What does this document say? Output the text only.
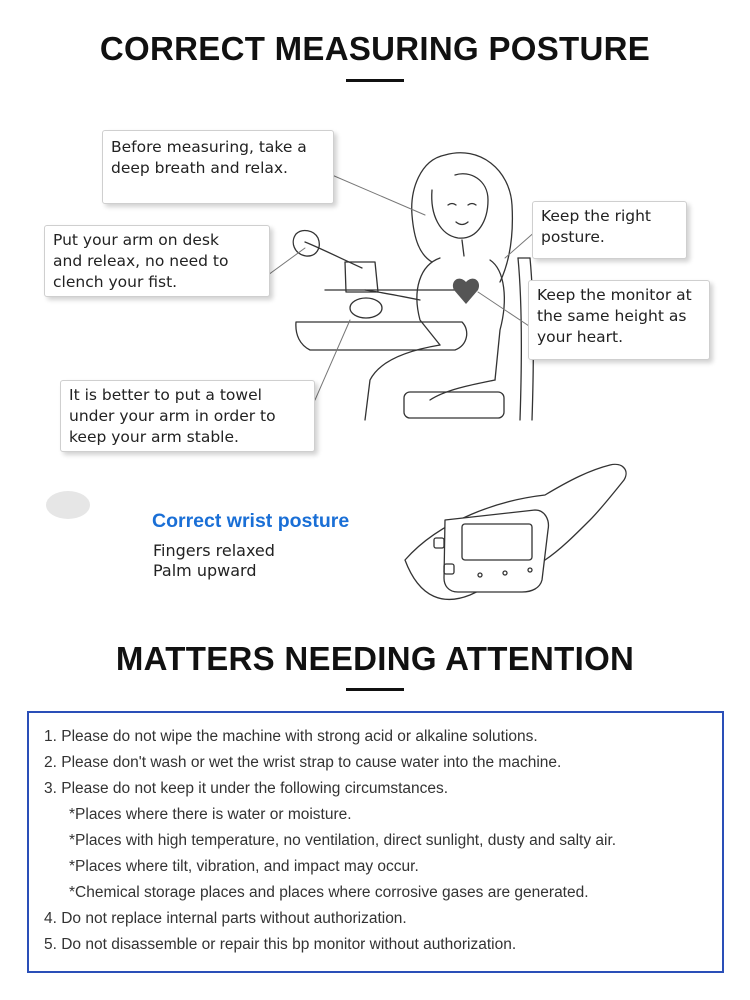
CORRECT MEASURING POSTURE
Before measuring, take a
deep breath and relax.
Put your arm on desk
and releax, no need to
clench your fist.
Keep the right
posture.
Keep the monitor at
the same height as
your heart.
It is better to put a towel
under your arm in order to
keep your arm stable.
Correct wrist posture
Fingers relaxed
Palm upward
MATTERS NEEDING ATTENTION
1. Please do not wipe the machine with strong acid or alkaline solutions.
2. Please don't wash or wet the wrist strap to cause water into the machine.
3. Please do not keep it under the following circumstances.
*Places where there is water or moisture.
*Places with high temperature, no ventilation, direct sunlight, dusty and salty air.
*Places where tilt, vibration, and impact may occur.
*Chemical storage places and places where corrosive gases are generated.
4. Do not replace internal parts without authorization.
5. Do not disassemble or repair this bp monitor without authorization.
